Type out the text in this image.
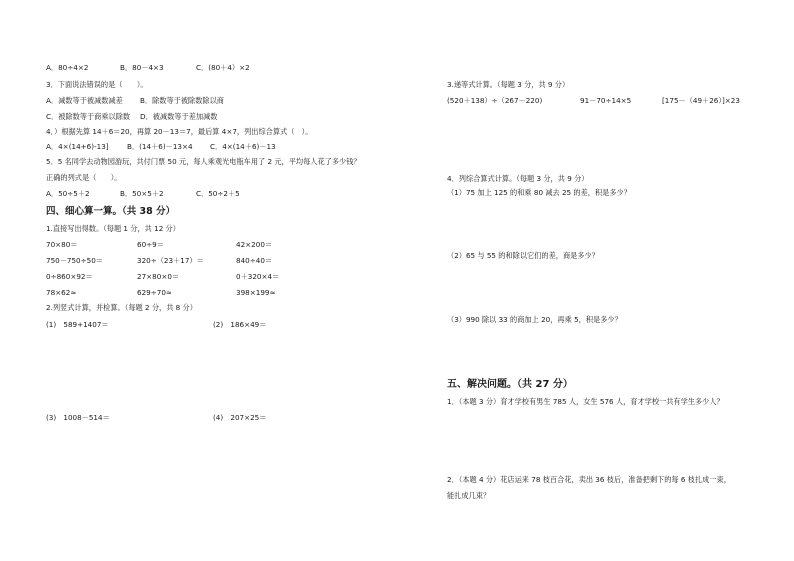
A．80÷4×2	B．80－4×3	C．(80＋4）×2
3．下面说法错误的是（　　）。
A．减数等于被减数减差 B．除数等于被除数除以商
C．被除数等于商乘以除数 D．被减数等于差加减数
4．）根据先算 14＋6＝20，再算 20－13＝7，最后算 4×7，列出综合算式（　）。
A．4×(14+6)-13]	B．(14＋6)－13×4 C．4×(14＋6)－13
5．5 名同学去动物园游玩，共付门票 50 元，每人乘观光电瓶车用了 2 元，平均每人花了多少钱？
正确的列式是（　　）。
A．50÷5＋2	B．50×5＋2	C．50÷2＋5
四、细心算一算。（共 38 分）
1.直接写出得数。（每题 1 分，共 12 分）
70×80＝	60÷9＝	42×200＝
750－750÷50＝	320÷（23＋17）＝	840÷40＝
0÷860×92＝	27×80×0＝	0＋320×4＝
78×62≈	629÷70≈	398×199≈
2.列竖式计算，并检算。（每题 2 分，共 8 分）
(1)　589+1407＝	(2)　186×49＝
(3)　1008－514＝	(4)　207×25＝
3.递等式计算。（每题 3 分，共 9 分）
(520＋138）÷（267－220)	91－70÷14×5	[175－（49＋26）]×23
4．列综合算式计算。（每题 3 分，共 9 分）
（1）75 加上 125 的和乘 80 减去 25 的差，积是多少？
（2）65 与 55 的和除以它们的差，商是多少？
（3）990 除以 33 的商加上 20，再乘 5，积是多少？
五、解决问题。（共 27 分）
1．（本题 3 分）育才学校有男生 785 人，女生 576 人，育才学校一共有学生多少人？
2．（本题 4 分）花店运来 78 枝百合花，卖出 36 枝后，准备把剩下的每 6 枝扎成一束，
能扎成几束？
